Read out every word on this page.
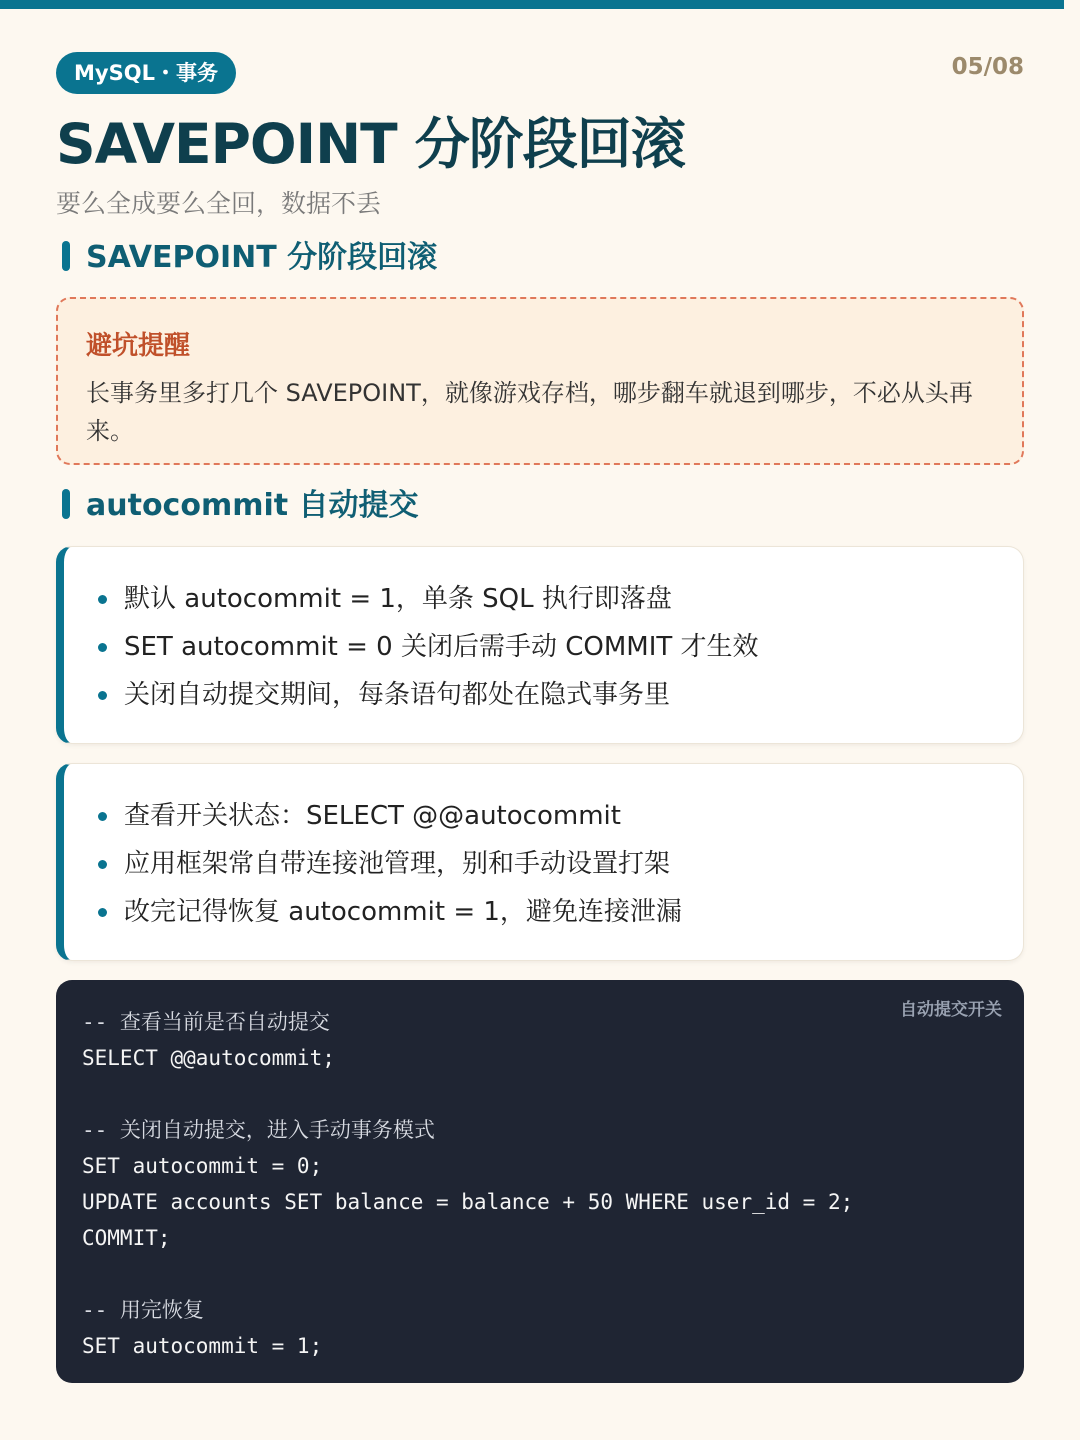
MySQL・事务	05/08
SAVEPOINT 分阶段回滚
要么全成要么全回，数据不丢
SAVEPOINT 分阶段回滚
避坑提醒
长事务里多打几个 SAVEPOINT，就像游戏存档，哪步翻车就退到哪步，不必从头再来。
autocommit 自动提交
默认 autocommit = 1，单条 SQL 执行即落盘
SET autocommit = 0 关闭后需手动 COMMIT 才生效
关闭自动提交期间，每条语句都处在隐式事务里
查看开关状态：SELECT @@autocommit
应用框架常自带连接池管理，别和手动设置打架
改完记得恢复 autocommit = 1，避免连接泄漏
自动提交开关
-- 查看当前是否自动提交
SELECT @@autocommit;
-- 关闭自动提交，进入手动事务模式
SET autocommit = 0;
UPDATE accounts SET balance = balance + 50 WHERE user_id = 2;
COMMIT;
-- 用完恢复
SET autocommit = 1;
